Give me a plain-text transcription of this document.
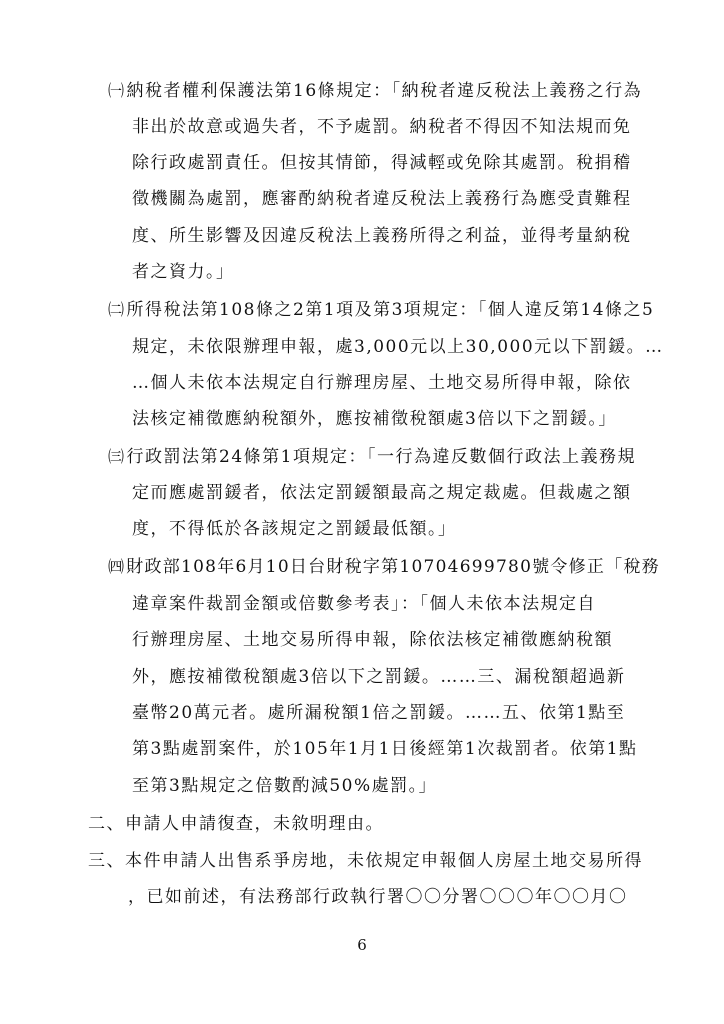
㈠納稅者權利保護法第16條規定：「納稅者違反稅法上義務之行為
非出於故意或過失者，不予處罰。納稅者不得因不知法規而免
除行政處罰責任。但按其情節，得減輕或免除其處罰。稅捐稽
徵機關為處罰，應審酌納稅者違反稅法上義務行為應受責難程
度、所生影響及因違反稅法上義務所得之利益，並得考量納稅
者之資力。」
㈡所得稅法第108條之2第1項及第3項規定：「個人違反第14條之5
規定，未依限辦理申報，處3,000元以上30,000元以下罰鍰。…
…個人未依本法規定自行辦理房屋、土地交易所得申報，除依
法核定補徵應納稅額外，應按補徵稅額處3倍以下之罰鍰。」
㈢行政罰法第24條第1項規定：「一行為違反數個行政法上義務規
定而應處罰鍰者，依法定罰鍰額最高之規定裁處。但裁處之額
度，不得低於各該規定之罰鍰最低額。」
㈣財政部108年6月10日台財稅字第10704699780號令修正「稅務
違章案件裁罰金額或倍數參考表」：「個人未依本法規定自
行辦理房屋、土地交易所得申報，除依法核定補徵應納稅額
外，應按補徵稅額處3倍以下之罰鍰。……三、漏稅額超過新
臺幣20萬元者。處所漏稅額1倍之罰鍰。……五、依第1點至
第3點處罰案件，於105年1月1日後經第1次裁罰者。依第1點
至第3點規定之倍數酌減50%處罰。」
二、申請人申請復查，未敘明理由。
三、本件申請人出售系爭房地，未依規定申報個人房屋土地交易所得
，已如前述，有法務部行政執行署〇〇分署〇〇〇年〇〇月〇
6
